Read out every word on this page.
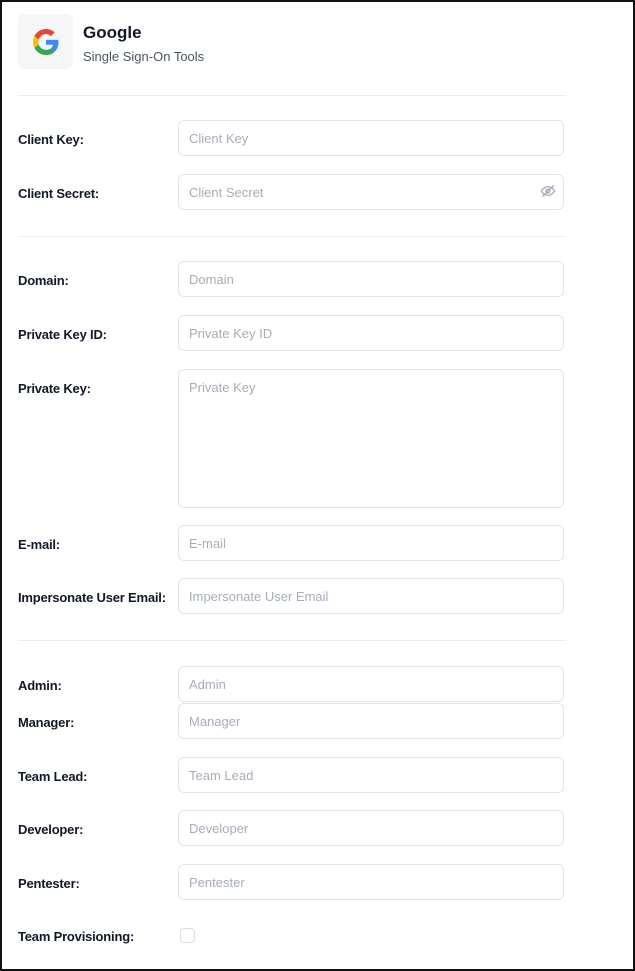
Google
Single Sign-On Tools
Client Key:
Client Key
Client Secret:
Domain:
Domain
Private Key ID:
Private Key ID
Private Key:
Private Key
E-mail:
E-mail
Impersonate User Email:
Impersonate User Email
Admin:
Admin
Manager:
Manager
Team Lead:
Team Lead
Developer:
Developer
Pentester:
Pentester
Team Provisioning:
